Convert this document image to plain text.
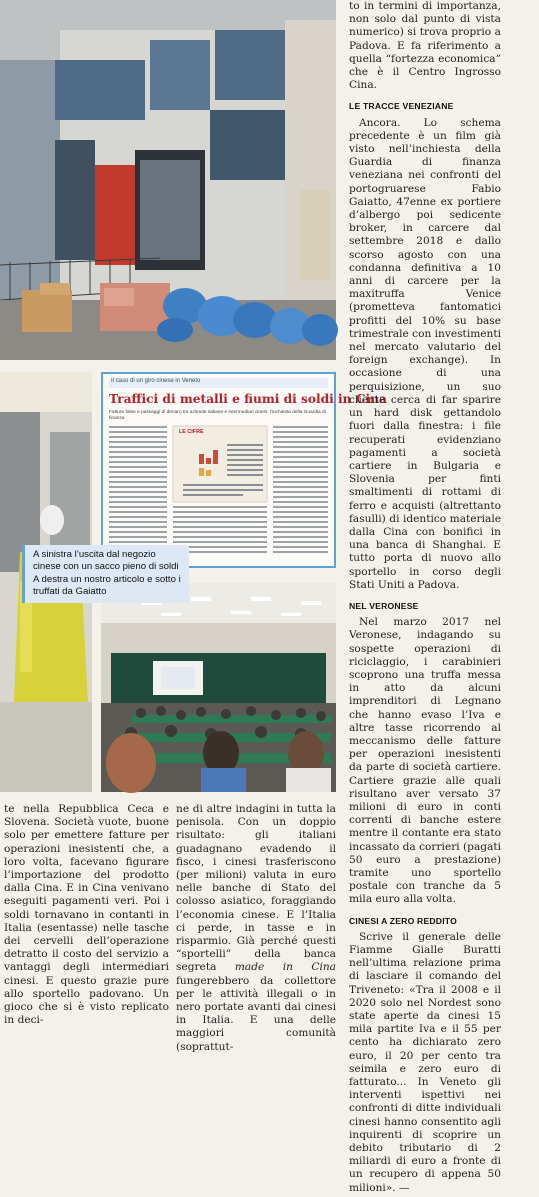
Il caso di un giro cinese in Veneto
Traffici di metalli e fiumi di soldi in Cina
Fatture false e passaggi di denaro tra aziende italiane e intermediari cinesi: l’inchiesta della Guardia di finanza
LE CIFRE
A sinistra l’uscita dal negozio cinese con un sacco pieno di soldi
A destra un nostro articolo e sotto i truffati da Gaiatto

to in termini di importanza, non solo dal punto di vista numerico) si trova proprio a Padova. E fa riferimento a quella “fortezza economica” che è il Centro Ingrosso Cina.

LE TRACCE VENEZIANE

Ancora. Lo schema precedente è un film già visto nell’inchiesta della Guardia di finanza veneziana nei confronti del portogruarese Fabio Gaiatto, 47enne ex portiere d’albergo poi sedicente broker, in carcere dal settembre 2018 e dallo scorso agosto con una condanna definitiva a 10 anni di carcere per la maxitruffa Venice (prometteva fantomatici profitti del 10% su base trimestrale con investimenti nel mercato valutario del foreign exchange). In occasione di una perquisizione, un suo cliente cerca di far sparire un hard disk gettandolo fuori dalla finestra: i file recuperati evidenziano pagamenti a società cartiere in Bulgaria e Slovenia per finti smaltimenti di rottami di ferro e acquisti (altrettanto fasulli) di identico materiale dalla Cina con bonifici in una banca di Shanghai. E tutto porta di nuovo allo sportello in corso degli Stati Uniti a Padova.

NEL VERONESE

Nel marzo 2017 nel Veronese, indagando su sospette operazioni di riciclaggio, i carabinieri scoprono una truffa messa in atto da alcuni imprenditori di Legnano che hanno evaso l’Iva e altre tasse ricorrendo al meccanismo delle fatture per operazioni inesistenti da parte di società cartiere. Cartiere grazie alle quali risultano aver versato 37 milioni di euro in conti correnti di banche estere mentre il contante era stato incassato da corrieri (pagati 50 euro a prestazione) tramite uno sportello postale con tranche da 5 mila euro alla volta.

CINESI A ZERO REDDITO

Scrive il generale delle Fiamme Gialle Buratti nell’ultima relazione prima di lasciare il comando del Triveneto: «Tra il 2008 e il 2020 solo nel Nordest sono state aperte da cinesi 15 mila partite Iva e il 55 per cento ha dichiarato zero euro, il 20 per cento tra seimila e zero euro di fatturato... In Veneto gli interventi ispettivi nei confronti di ditte individuali cinesi hanno consentito agli inquirenti di scoprire un debito tributario di 2 miliardi di euro a fronte di un recupero di appena 50 milioni». —

te nella Repubblica Ceca e Slovena. Società vuote, buone solo per emettere fatture per operazioni inesistenti che, a loro volta, facevano figurare l’importazione del prodotto dalla Cina. E in Cina venivano eseguiti pagamenti veri. Poi i soldi tornavano in contanti in Italia (esentasse) nelle tasche dei cervelli dell’operazione detratto il costo del servizio a vantaggi degli intermediari cinesi. E questo grazie pure allo sportello padovano. Un gioco che si è visto replicato in deci-

ne di altre indagini in tutta la penisola. Con un doppio risultato: gli italiani guadagnano evadendo il fisco, i cinesi trasferiscono (per milioni) valuta in euro nelle banche di Stato del colosso asiatico, foraggiando l’economia cinese. E l’Italia ci perde, in tasse e in risparmio. Già perché questi “sportelli” della banca segreta made in Cina fungerebbero da collettore per le attività illegali o in nero portate avanti dai cinesi in Italia. E una delle maggiori comunità (soprattut-
